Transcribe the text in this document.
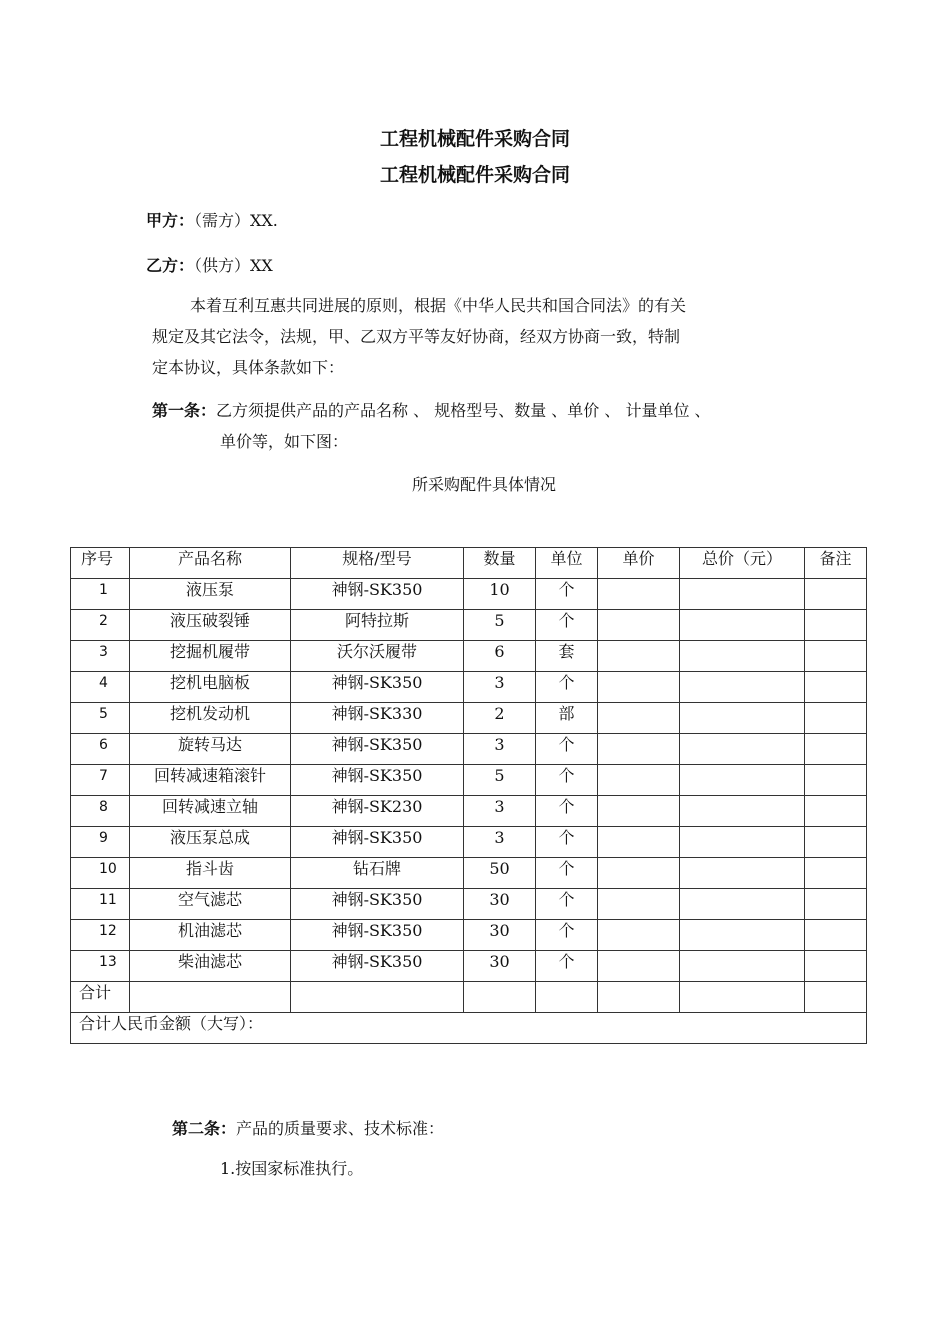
工程机械配件采购合同
工程机械配件采购合同
甲方：（需方）XX.
乙方：（供方）XX
本着互利互惠共同进展的原则，根据《中华人民共和国合同法》的有关
规定及其它法令，法规，甲、乙双方平等友好协商，经双方协商一致，特制
定本协议，具体条款如下：
第一条：乙方须提供产品的产品名称 、 规格型号、数量 、单价 、 计量单位 、
单价等，如下图：
所采购配件具体情况
序号	产品名称	规格/型号	数量	单位	单价	总价（元）	备注
1	液压泵	神钢-SK350	10	个			
2	液压破裂锤	阿特拉斯	5	个			
3	挖掘机履带	沃尔沃履带	6	套			
4	挖机电脑板	神钢-SK350	3	个			
5	挖机发动机	神钢-SK330	2	部			
6	旋转马达	神钢-SK350	3	个			
7	回转减速箱滚针	神钢-SK350	5	个			
8	回转减速立轴	神钢-SK230	3	个			
9	液压泵总成	神钢-SK350	3	个			
10	指斗齿	钻石牌	50	个			
11	空气滤芯	神钢-SK350	30	个			
12	机油滤芯	神钢-SK350	30	个			
13	柴油滤芯	神钢-SK350	30	个			
合计							
合计人民币金额（大写）：							
第二条：产品的质量要求、技术标准：
1.按国家标准执行。
